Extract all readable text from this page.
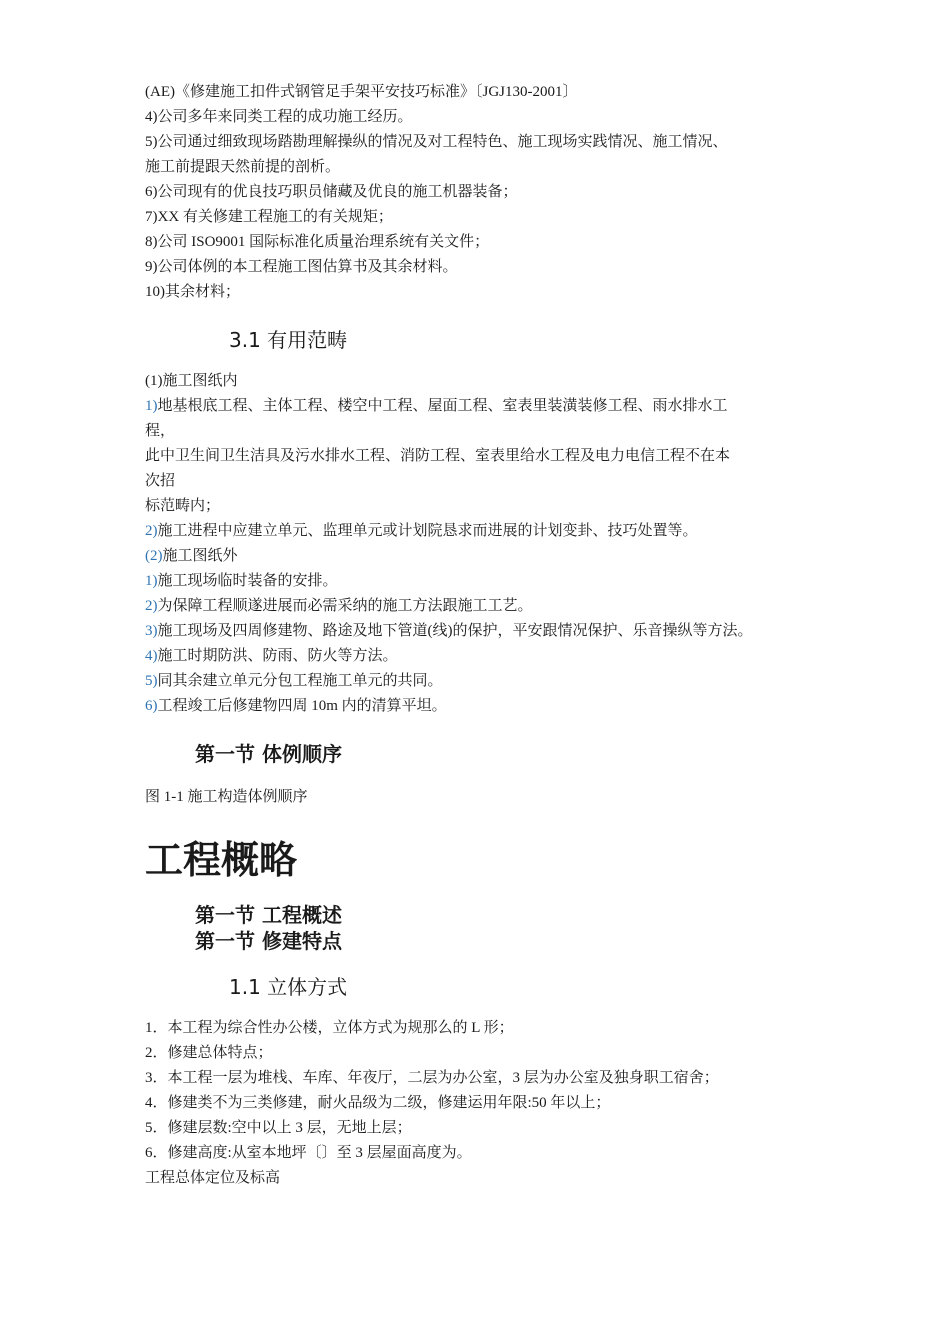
(AE)《修建施工扣件式钢管足手架平安技巧标准》〔JGJ130-2001〕

4)公司多年来同类工程的成功施工经历。

5)公司通过细致现场踏勘理解操纵的情况及对工程特色、施工现场实践情况、施工情况、

施工前提跟天然前提的剖析。

6)公司现有的优良技巧职员储藏及优良的施工机器装备；

7)XX 有关修建工程施工的有关规矩；

8)公司 ISO9001 国际标准化质量治理系统有关文件；

9)公司体例的本工程施工图估算书及其余材料。

10)其余材料；

3.1 有用范畴

(1)施工图纸内

1)地基根底工程、主体工程、楼空中工程、屋面工程、室表里装潢装修工程、雨水排水工

程，

此中卫生间卫生洁具及污水排水工程、消防工程、室表里给水工程及电力电信工程不在本

次招

标范畴内；

2)施工进程中应建立单元、监理单元或计划院恳求而进展的计划变卦、技巧处置等。

(2)施工图纸外

1)施工现场临时装备的安排。

2)为保障工程顺遂进展而必需采纳的施工方法跟施工工艺。

3)施工现场及四周修建物、路途及地下管道(线)的保护，平安跟情况保护、乐音操纵等方法。

4)施工时期防洪、防雨、防火等方法。

5)同其余建立单元分包工程施工单元的共同。

6)工程竣工后修建物四周 10m 内的清算平坦。

第一节 体例顺序

图 1-1 施工构造体例顺序

工程概略
第一节 工程概述
第一节 修建特点
1.1 立体方式

1．本工程为综合性办公楼，立体方式为规那么的 L 形；

2．修建总体特点；

3．本工程一层为堆栈、车库、年夜厅，二层为办公室，3 层为办公室及独身职工宿舍；

4．修建类不为三类修建，耐火品级为二级，修建运用年限:50 年以上；

5．修建层数:空中以上 3 层，无地上层；

6．修建高度:从室本地坪〔〕至 3 层屋面高度为。

工程总体定位及标高
